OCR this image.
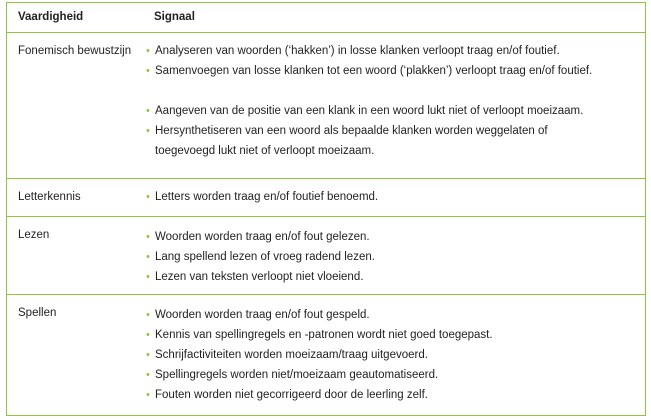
Vaardigheid	Signaal
Fonemisch bewustzijn • Analyseren van woorden (‘hakken’) in losse klanken verloopt traag en/of foutief.
• Samenvoegen van losse klanken tot een woord (‘plakken’) verloopt traag en/of foutief.
• Aangeven van de positie van een klank in een woord lukt niet of verloopt moeizaam.
• Hersynthetiseren van een woord als bepaalde klanken worden weggelaten of toegevoegd lukt niet of verloopt moeizaam.
Letterkennis	• Letters worden traag en/of foutief benoemd.
Lezen	• Woorden worden traag en/of fout gelezen.
• Lang spellend lezen of vroeg radend lezen.
• Lezen van teksten verloopt niet vloeiend.
Spellen	• Woorden worden traag en/of fout gespeld.
• Kennis van spellingregels en -patronen wordt niet goed toegepast.
• Schrijfactiviteiten worden moeizaam/traag uitgevoerd.
• Spellingregels worden niet/moeizaam geautomatiseerd.
• Fouten worden niet gecorrigeerd door de leerling zelf.
